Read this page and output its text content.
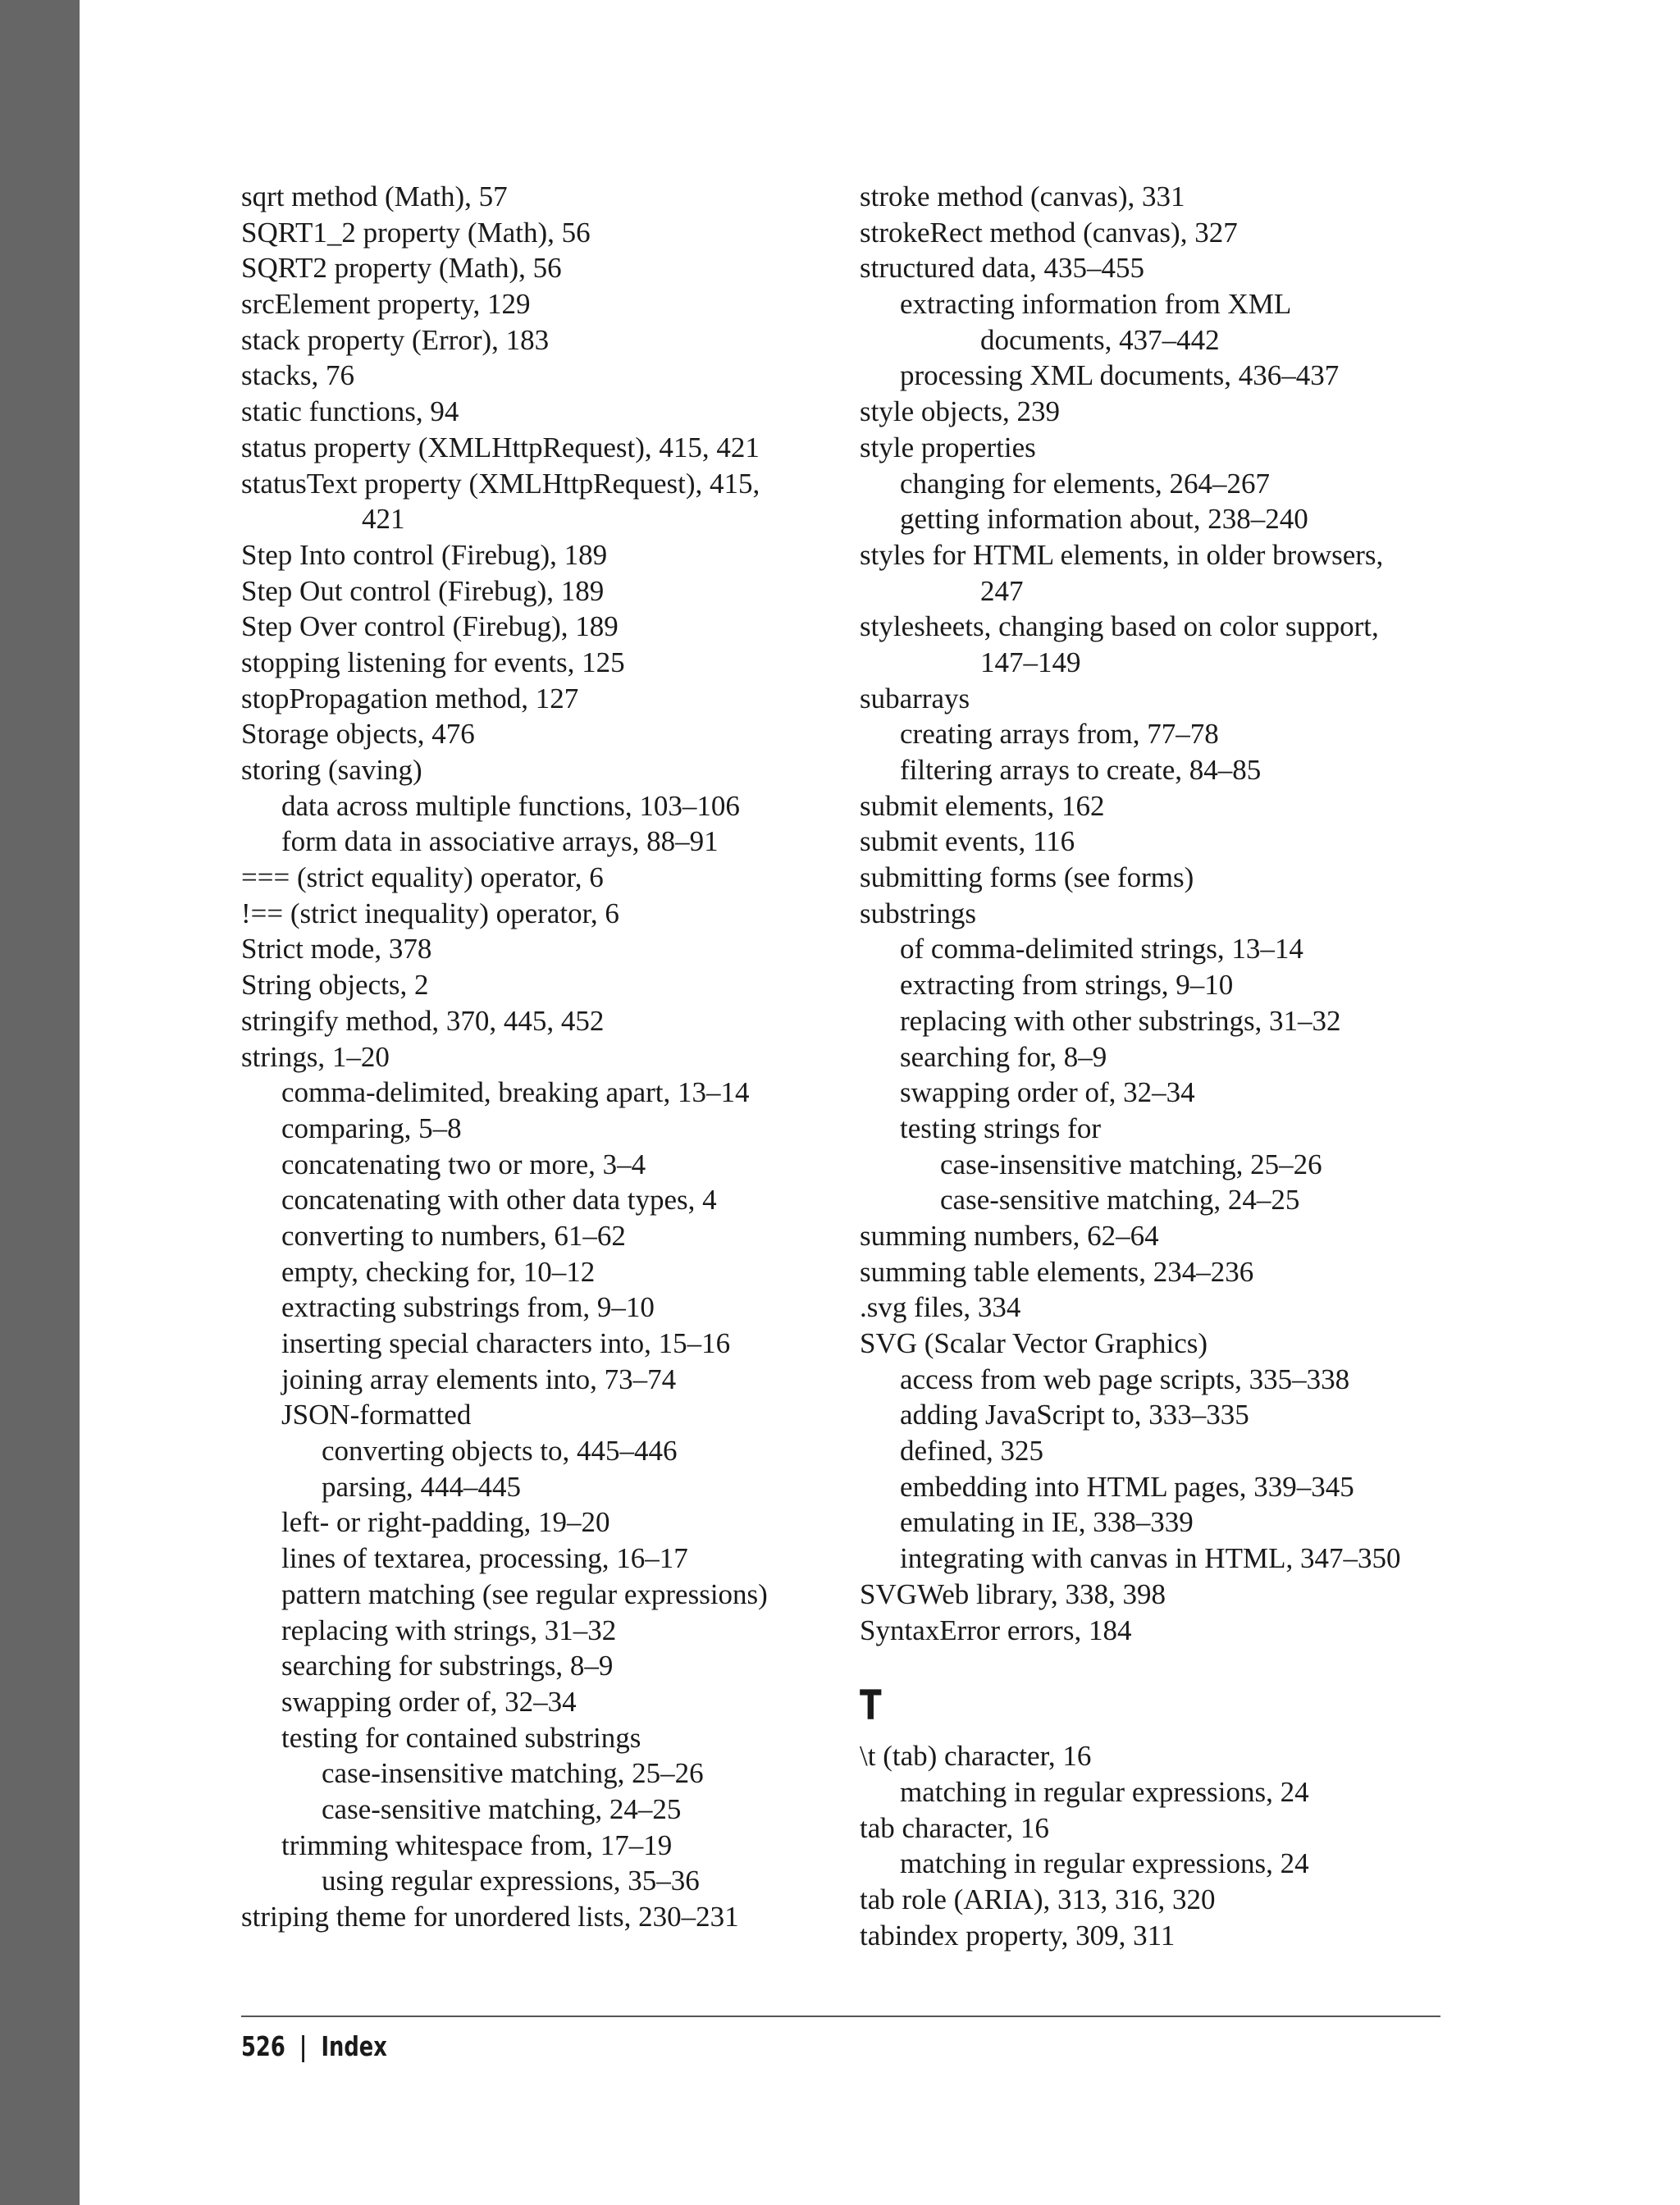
sqrt method (Math), 57
SQRT1_2 property (Math), 56
SQRT2 property (Math), 56
srcElement property, 129
stack property (Error), 183
stacks, 76
static functions, 94
status property (XMLHttpRequest), 415, 421
statusText property (XMLHttpRequest), 415,
421
Step Into control (Firebug), 189
Step Out control (Firebug), 189
Step Over control (Firebug), 189
stopping listening for events, 125
stopPropagation method, 127
Storage objects, 476
storing (saving)
data across multiple functions, 103–106
form data in associative arrays, 88–91
=== (strict equality) operator, 6
!== (strict inequality) operator, 6
Strict mode, 378
String objects, 2
stringify method, 370, 445, 452
strings, 1–20
comma-delimited, breaking apart, 13–14
comparing, 5–8
concatenating two or more, 3–4
concatenating with other data types, 4
converting to numbers, 61–62
empty, checking for, 10–12
extracting substrings from, 9–10
inserting special characters into, 15–16
joining array elements into, 73–74
JSON-formatted
converting objects to, 445–446
parsing, 444–445
left- or right-padding, 19–20
lines of textarea, processing, 16–17
pattern matching (see regular expressions)
replacing with strings, 31–32
searching for substrings, 8–9
swapping order of, 32–34
testing for contained substrings
case-insensitive matching, 25–26
case-sensitive matching, 24–25
trimming whitespace from, 17–19
using regular expressions, 35–36
striping theme for unordered lists, 230–231
stroke method (canvas), 331
strokeRect method (canvas), 327
structured data, 435–455
extracting information from XML
documents, 437–442
processing XML documents, 436–437
style objects, 239
style properties
changing for elements, 264–267
getting information about, 238–240
styles for HTML elements, in older browsers,
247
stylesheets, changing based on color support,
147–149
subarrays
creating arrays from, 77–78
filtering arrays to create, 84–85
submit elements, 162
submit events, 116
submitting forms (see forms)
substrings
of comma-delimited strings, 13–14
extracting from strings, 9–10
replacing with other substrings, 31–32
searching for, 8–9
swapping order of, 32–34
testing strings for
case-insensitive matching, 25–26
case-sensitive matching, 24–25
summing numbers, 62–64
summing table elements, 234–236
.svg files, 334
SVG (Scalar Vector Graphics)
access from web page scripts, 335–338
adding JavaScript to, 333–335
defined, 325
embedding into HTML pages, 339–345
emulating in IE, 338–339
integrating with canvas in HTML, 347–350
SVGWeb library, 338, 398
SyntaxError errors, 184
T
\t (tab) character, 16
matching in regular expressions, 24
tab character, 16
matching in regular expressions, 24
tab role (ARIA), 313, 316, 320
tabindex property, 309, 311
526 | Index
